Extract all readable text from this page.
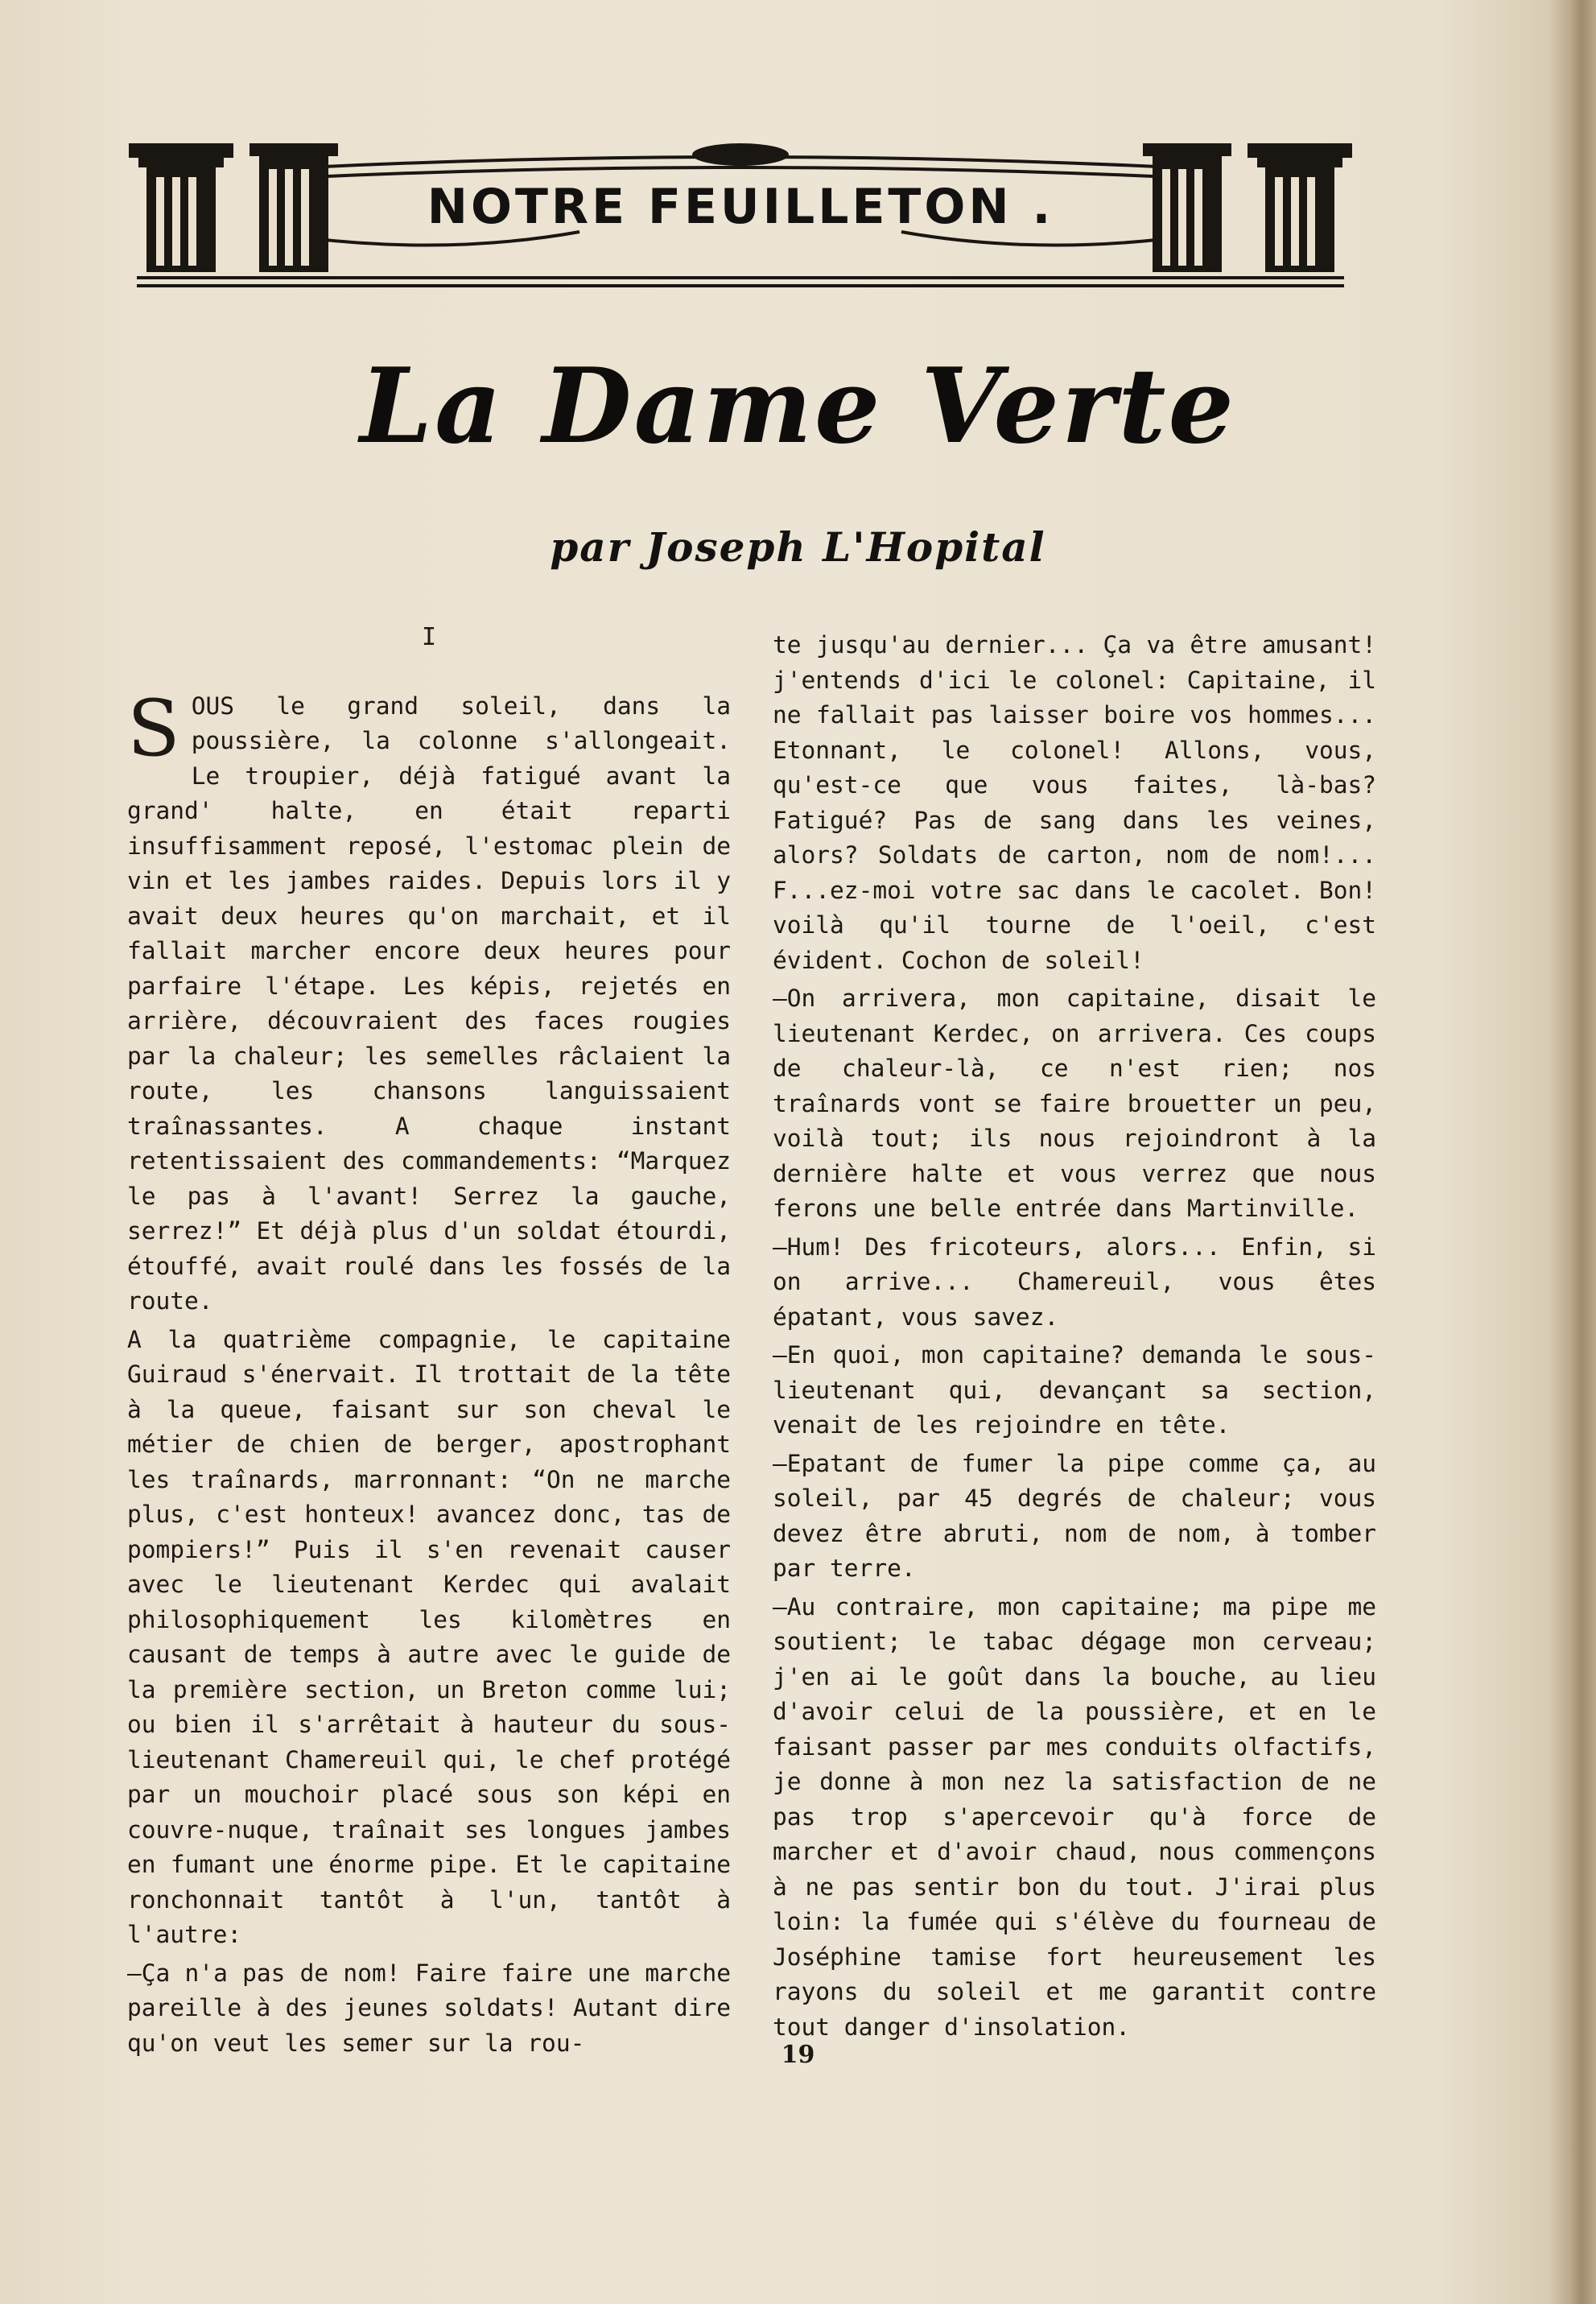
NOTRE FEUILLETON .
La Dame Verte
par Joseph L'Hopital
I

SOUS le grand soleil, dans la poussière, la colonne s'allongeait. Le troupier, déjà fatigué avant la grand' halte, en était reparti insuffisamment reposé, l'estomac plein de vin et les jambes raides. Depuis lors il y avait deux heures qu'on marchait, et il fallait marcher encore deux heures pour parfaire l'étape. Les képis, rejetés en arrière, découvraient des faces rougies par la chaleur; les semelles râclaient la route, les chansons languissaient traînassantes. A chaque instant retentissaient des commandements: “Marquez le pas à l'avant! Serrez la gauche, serrez!” Et déjà plus d'un soldat étourdi, étouffé, avait roulé dans les fossés de la route.

A la quatrième compagnie, le capitaine Guiraud s'énervait. Il trottait de la tête à la queue, faisant sur son cheval le métier de chien de berger, apostrophant les traînards, marronnant: “On ne marche plus, c'est honteux! avancez donc, tas de pompiers!” Puis il s'en revenait causer avec le lieutenant Kerdec qui avalait philosophiquement les kilomètres en causant de temps à autre avec le guide de la première section, un Breton comme lui; ou bien il s'arrêtait à hauteur du sous-lieutenant Chamereuil qui, le chef protégé par un mouchoir placé sous son képi en couvre-nuque, traînait ses longues jambes en fumant une énorme pipe. Et le capitaine ronchonnait tantôt à l'un, tantôt à l'autre:

—Ça n'a pas de nom! Faire faire une marche pareille à des jeunes soldats! Autant dire qu'on veut les semer sur la rou-

te jusqu'au dernier... Ça va être amusant! j'entends d'ici le colonel: Capitaine, il ne fallait pas laisser boire vos hommes... Etonnant, le colonel! Allons, vous, qu'est-ce que vous faites, là-bas? Fatigué? Pas de sang dans les veines, alors? Soldats de carton, nom de nom!... F...ez-moi votre sac dans le cacolet. Bon! voilà qu'il tourne de l'oeil, c'est évident. Cochon de soleil!

—On arrivera, mon capitaine, disait le lieutenant Kerdec, on arrivera. Ces coups de chaleur-là, ce n'est rien; nos traînards vont se faire brouetter un peu, voilà tout; ils nous rejoindront à la dernière halte et vous verrez que nous ferons une belle entrée dans Martinville.

—Hum! Des fricoteurs, alors... Enfin, si on arrive... Chamereuil, vous êtes épatant, vous savez.

—En quoi, mon capitaine? demanda le sous-lieutenant qui, devançant sa section, venait de les rejoindre en tête.

—Epatant de fumer la pipe comme ça, au soleil, par 45 degrés de chaleur; vous devez être abruti, nom de nom, à tomber par terre.

—Au contraire, mon capitaine; ma pipe me soutient; le tabac dégage mon cerveau; j'en ai le goût dans la bouche, au lieu d'avoir celui de la poussière, et en le faisant passer par mes conduits olfactifs, je donne à mon nez la satisfaction de ne pas trop s'apercevoir qu'à force de marcher et d'avoir chaud, nous commençons à ne pas sentir bon du tout. J'irai plus loin: la fumée qui s'élève du fourneau de Joséphine tamise fort heureusement les rayons du soleil et me garantit contre tout danger d'insolation.

19
